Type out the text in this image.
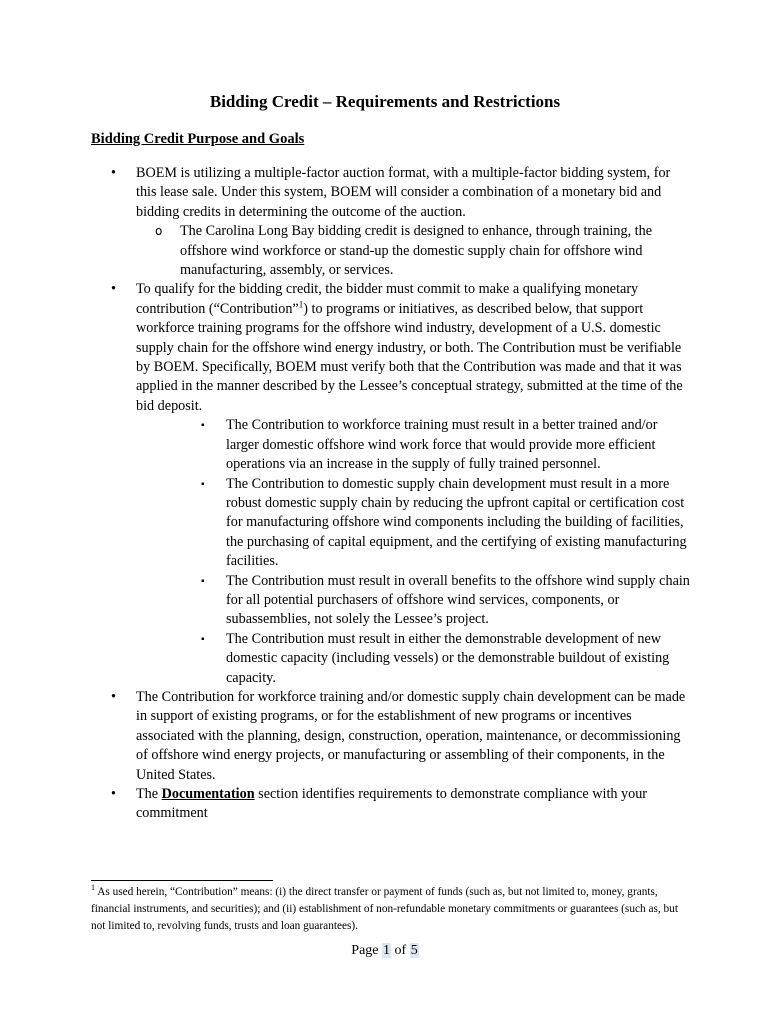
Bidding Credit – Requirements and Restrictions
Bidding Credit Purpose and Goals
• BOEM is utilizing a multiple-factor auction format, with a multiple-factor bidding system, for this lease sale. Under this system, BOEM will consider a combination of a monetary bid and bidding credits in determining the outcome of the auction.
o The Carolina Long Bay bidding credit is designed to enhance, through training, the offshore wind workforce or stand-up the domestic supply chain for offshore wind manufacturing, assembly, or services.
• To qualify for the bidding credit, the bidder must commit to make a qualifying monetary contribution (“Contribution”$^1$) to programs or initiatives, as described below, that support workforce training programs for the offshore wind industry, development of a U.S. domestic supply chain for the offshore wind energy industry, or both. The Contribution must be verifiable by BOEM. Specifically, BOEM must verify both that the Contribution was made and that it was applied in the manner described by the Lessee’s conceptual strategy, submitted at the time of the bid deposit.
▪ The Contribution to workforce training must result in a better trained and/or larger domestic offshore wind work force that would provide more efficient operations via an increase in the supply of fully trained personnel.
▪ The Contribution to domestic supply chain development must result in a more robust domestic supply chain by reducing the upfront capital or certification cost for manufacturing offshore wind components including the building of facilities, the purchasing of capital equipment, and the certifying of existing manufacturing facilities.
▪ The Contribution must result in overall benefits to the offshore wind supply chain for all potential purchasers of offshore wind services, components, or subassemblies, not solely the Lessee’s project.
▪ The Contribution must result in either the demonstrable development of new domestic capacity (including vessels) or the demonstrable buildout of existing capacity.
• The Contribution for workforce training and/or domestic supply chain development can be made in support of existing programs, or for the establishment of new programs or incentives associated with the planning, design, construction, operation, maintenance, or decommissioning of offshore wind energy projects, or manufacturing or assembling of their components, in the United States.
• The Documentation section identifies requirements to demonstrate compliance with your commitment
$^1$ As used herein, “Contribution” means: (i) the direct transfer or payment of funds (such as, but not limited to, money, grants, financial instruments, and securities); and (ii) establishment of non-refundable monetary commitments or guarantees (such as, but not limited to, revolving funds, trusts and loan guarantees).
Page 1 of 5
